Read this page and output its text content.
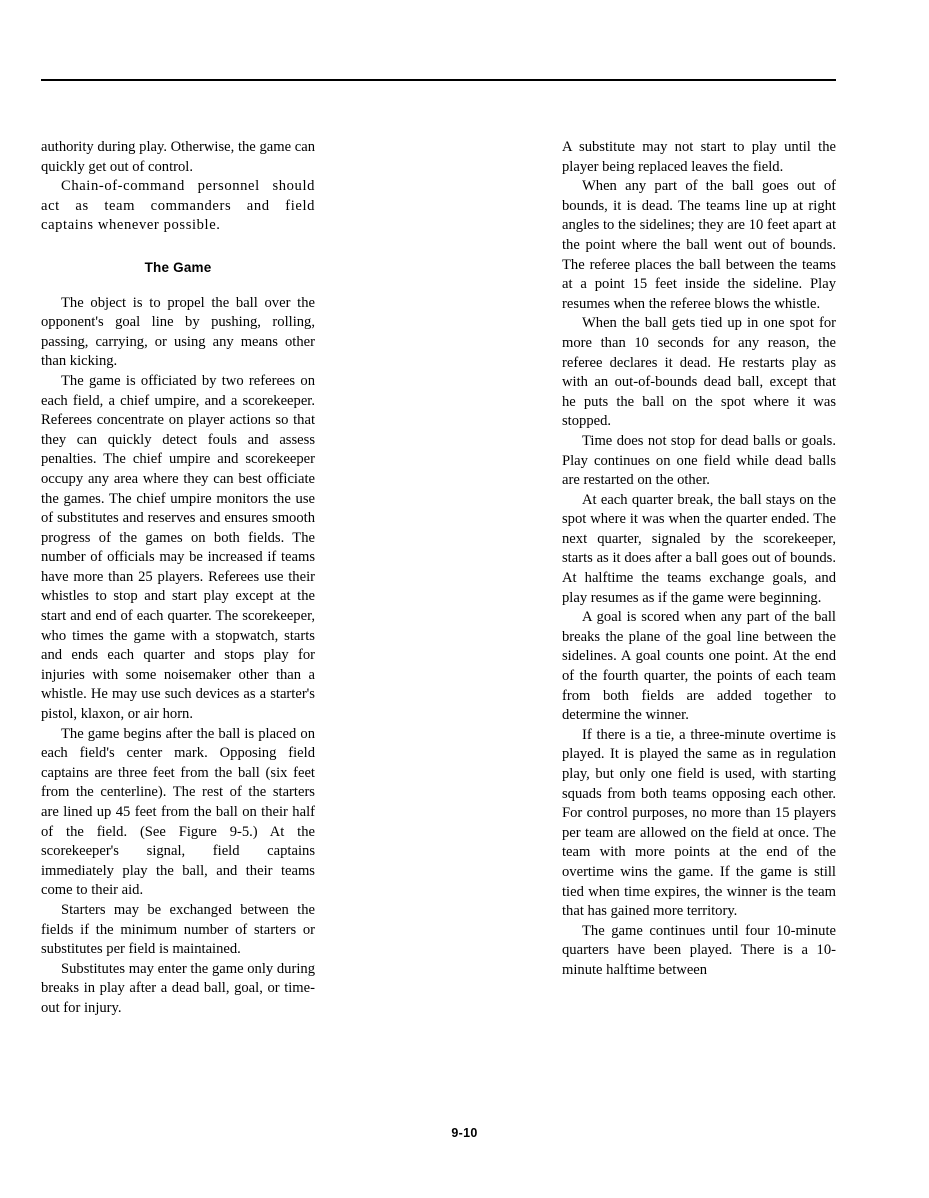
authority during play. Otherwise, the game can quickly get out of control.

Chain-of-command personnel should act as team commanders and field captains whenever possible.

The Game

The object is to propel the ball over the opponent's goal line by pushing, rolling, passing, carrying, or using any means other than kicking.

The game is officiated by two referees on each field, a chief umpire, and a scorekeeper. Referees concentrate on player actions so that they can quickly detect fouls and assess penalties. The chief umpire and scorekeeper occupy any area where they can best officiate the games. The chief umpire monitors the use of substitutes and reserves and ensures smooth progress of the games on both fields. The number of officials may be increased if teams have more than 25 players. Referees use their whistles to stop and start play except at the start and end of each quarter. The scorekeeper, who times the game with a stopwatch, starts and ends each quarter and stops play for injuries with some noisemaker other than a whistle. He may use such devices as a starter's pistol, klaxon, or air horn.

The game begins after the ball is placed on each field's center mark. Opposing field captains are three feet from the ball (six feet from the centerline). The rest of the starters are lined up 45 feet from the ball on their half of the field. (See Figure 9-5.) At the scorekeeper's signal, field captains immediately play the ball, and their teams come to their aid.

Starters may be exchanged between the fields if the minimum number of starters or substitutes per field is maintained.

Substitutes may enter the game only during breaks in play after a dead ball, goal, or time-out for injury.

A substitute may not start to play until the player being replaced leaves the field.

When any part of the ball goes out of bounds, it is dead. The teams line up at right angles to the sidelines; they are 10 feet apart at the point where the ball went out of bounds. The referee places the ball between the teams at a point 15 feet inside the sideline. Play resumes when the referee blows the whistle.

When the ball gets tied up in one spot for more than 10 seconds for any reason, the referee declares it dead. He restarts play as with an out-of-bounds dead ball, except that he puts the ball on the spot where it was stopped.

Time does not stop for dead balls or goals. Play continues on one field while dead balls are restarted on the other.

At each quarter break, the ball stays on the spot where it was when the quarter ended. The next quarter, signaled by the scorekeeper, starts as it does after a ball goes out of bounds. At halftime the teams exchange goals, and play resumes as if the game were beginning.

A goal is scored when any part of the ball breaks the plane of the goal line between the sidelines. A goal counts one point. At the end of the fourth quarter, the points of each team from both fields are added together to determine the winner.

If there is a tie, a three-minute overtime is played. It is played the same as in regulation play, but only one field is used, with starting squads from both teams opposing each other. For control purposes, no more than 15 players per team are allowed on the field at once. The team with more points at the end of the overtime wins the game. If the game is still tied when time expires, the winner is the team that has gained more territory.

The game continues until four 10-minute quarters have been played. There is a 10-minute halftime between

9-10
